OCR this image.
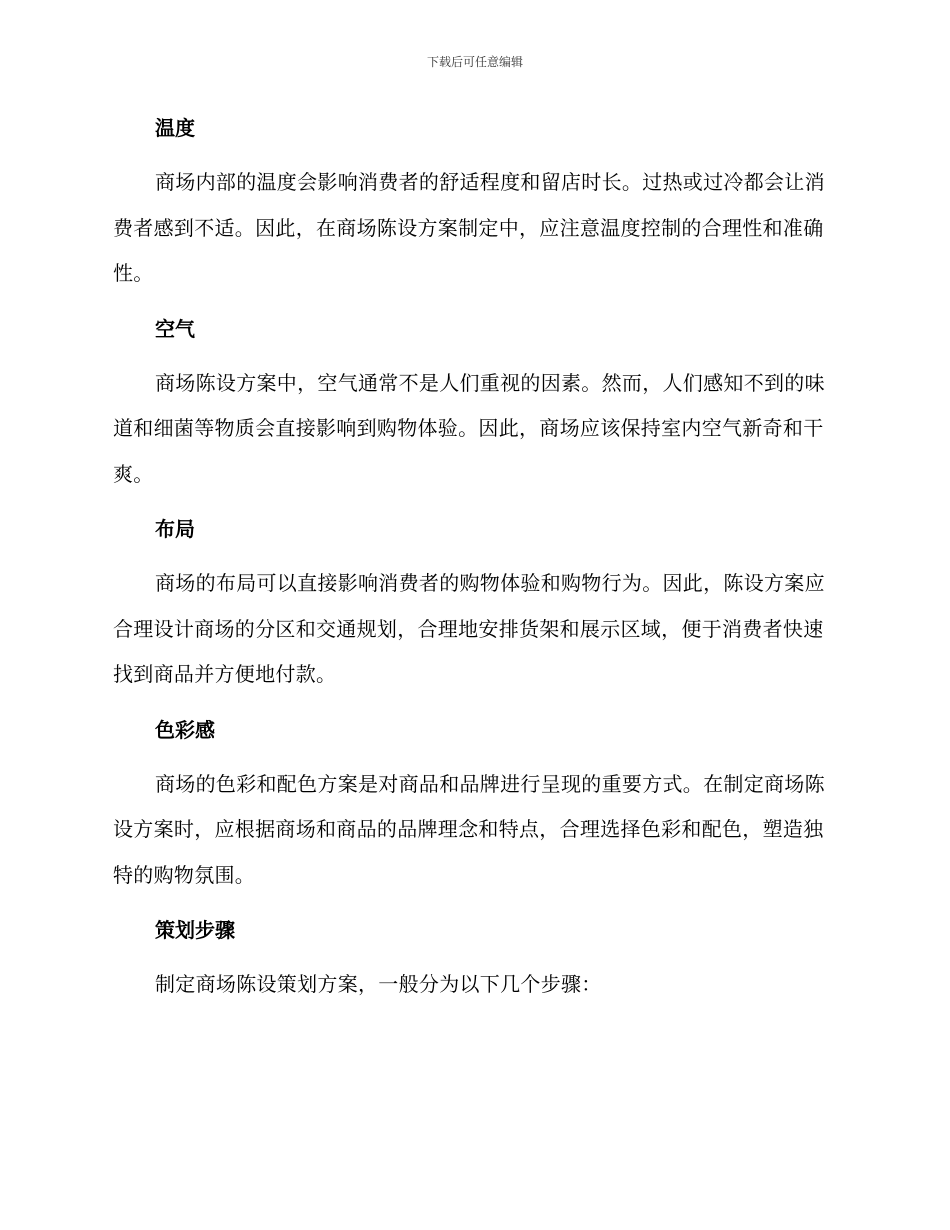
下载后可任意编辑
温度
商场内部的温度会影响消费者的舒适程度和留店时长。过热或过冷都会让消费者感到不适。因此，在商场陈设方案制定中，应注意温度控制的合理性和准确性。
空气
商场陈设方案中，空气通常不是人们重视的因素。然而，人们感知不到的味道和细菌等物质会直接影响到购物体验。因此，商场应该保持室内空气新奇和干爽。
布局
商场的布局可以直接影响消费者的购物体验和购物行为。因此，陈设方案应合理设计商场的分区和交通规划，合理地安排货架和展示区域，便于消费者快速找到商品并方便地付款。
色彩感
商场的色彩和配色方案是对商品和品牌进行呈现的重要方式。在制定商场陈设方案时，应根据商场和商品的品牌理念和特点，合理选择色彩和配色，塑造独特的购物氛围。
策划步骤
制定商场陈设策划方案，一般分为以下几个步骤：
